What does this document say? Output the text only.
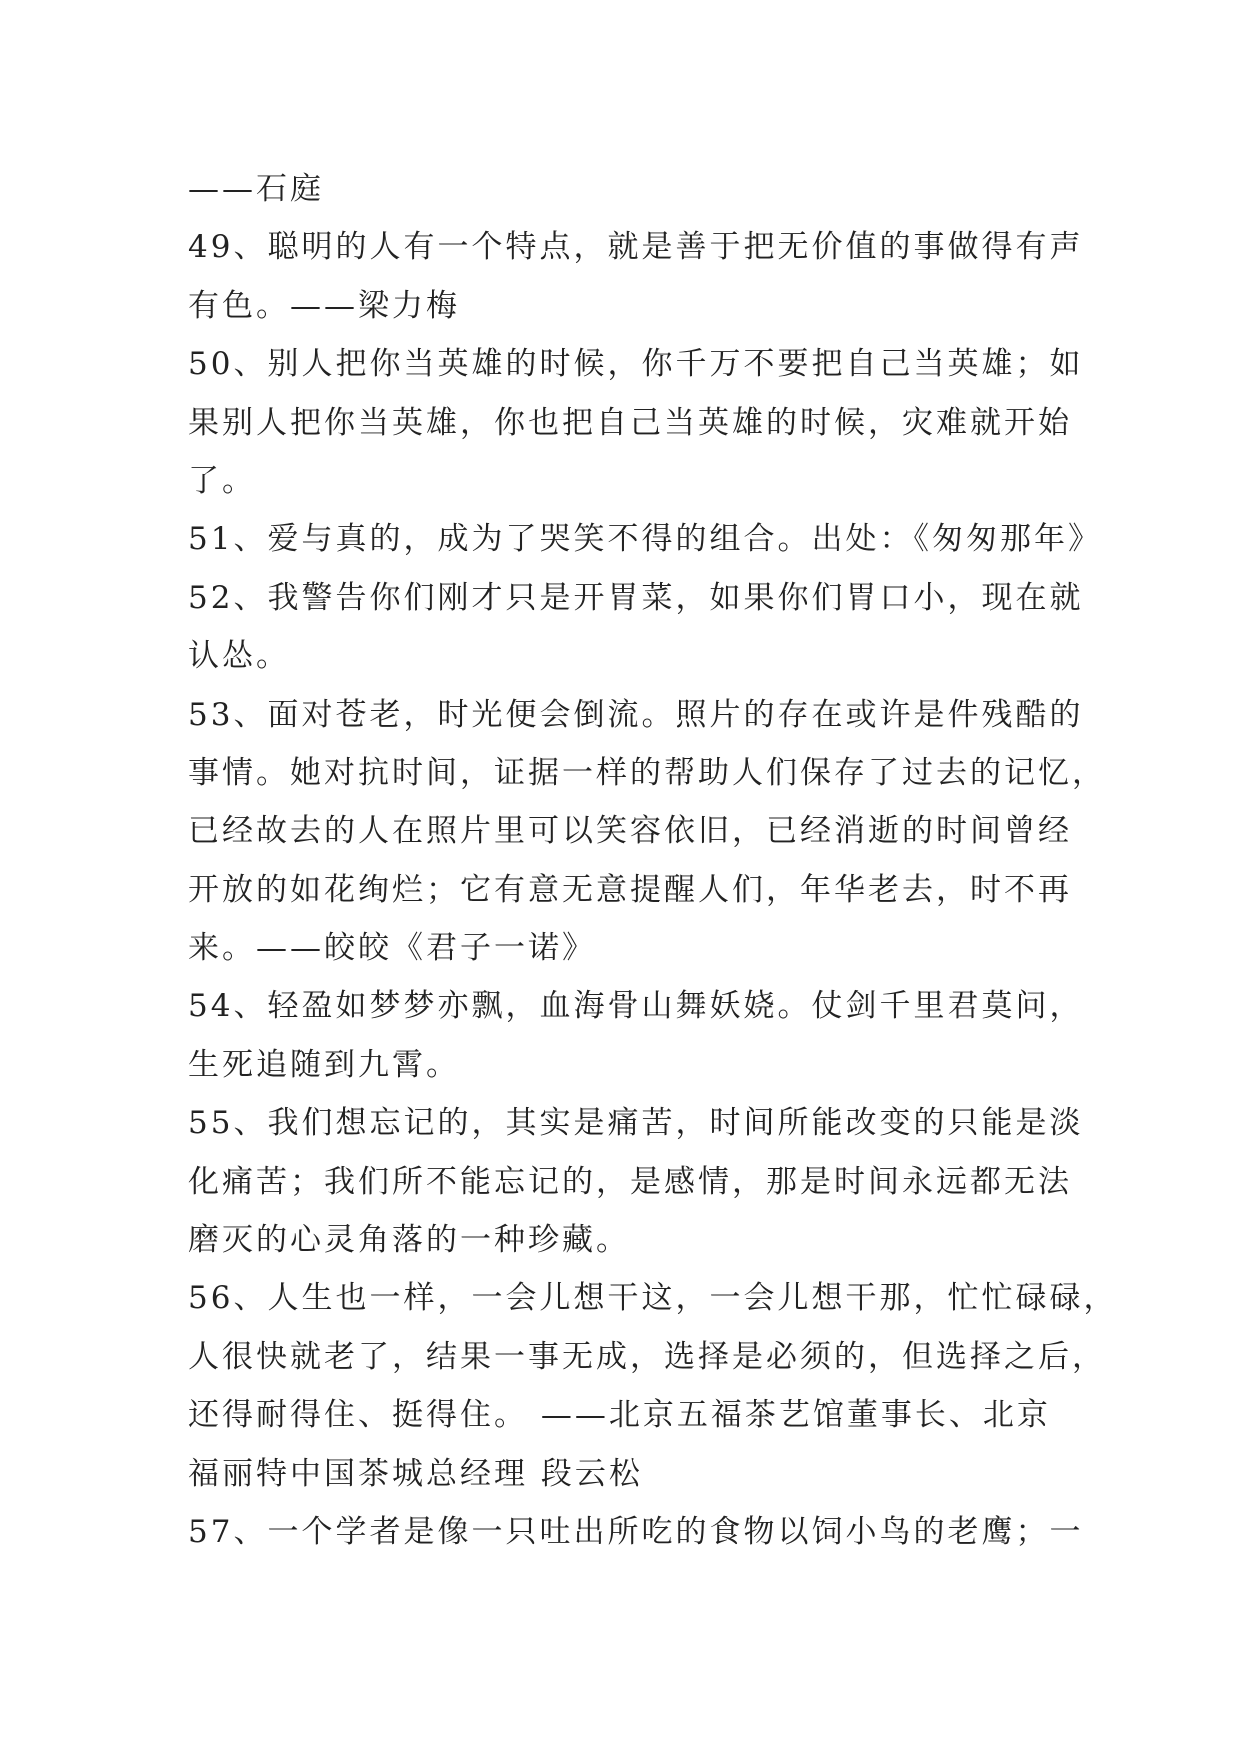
——石庭
49、聪明的人有一个特点，就是善于把无价值的事做得有声
有色。——梁力梅
50、别人把你当英雄的时候，你千万不要把自己当英雄；如
果别人把你当英雄，你也把自己当英雄的时候，灾难就开始
了。
51、爱与真的，成为了哭笑不得的组合。出处：《匆匆那年》
52、我警告你们刚才只是开胃菜，如果你们胃口小，现在就
认怂。
53、面对苍老，时光便会倒流。照片的存在或许是件残酷的
事情。她对抗时间，证据一样的帮助人们保存了过去的记忆，
已经故去的人在照片里可以笑容依旧，已经消逝的时间曾经
开放的如花绚烂；它有意无意提醒人们，年华老去，时不再
来。——皎皎《君子一诺》
54、轻盈如梦梦亦飘，血海骨山舞妖娆。仗剑千里君莫问，
生死追随到九霄。
55、我们想忘记的，其实是痛苦，时间所能改变的只能是淡
化痛苦；我们所不能忘记的，是感情，那是时间永远都无法
磨灭的心灵角落的一种珍藏。
56、人生也一样，一会儿想干这，一会儿想干那，忙忙碌碌，
人很快就老了，结果一事无成，选择是必须的，但选择之后，
还得耐得住、挺得住。 ——北京五福茶艺馆董事长、北京
福丽特中国茶城总经理 段云松
57、一个学者是像一只吐出所吃的食物以饲小鸟的老鹰；一
